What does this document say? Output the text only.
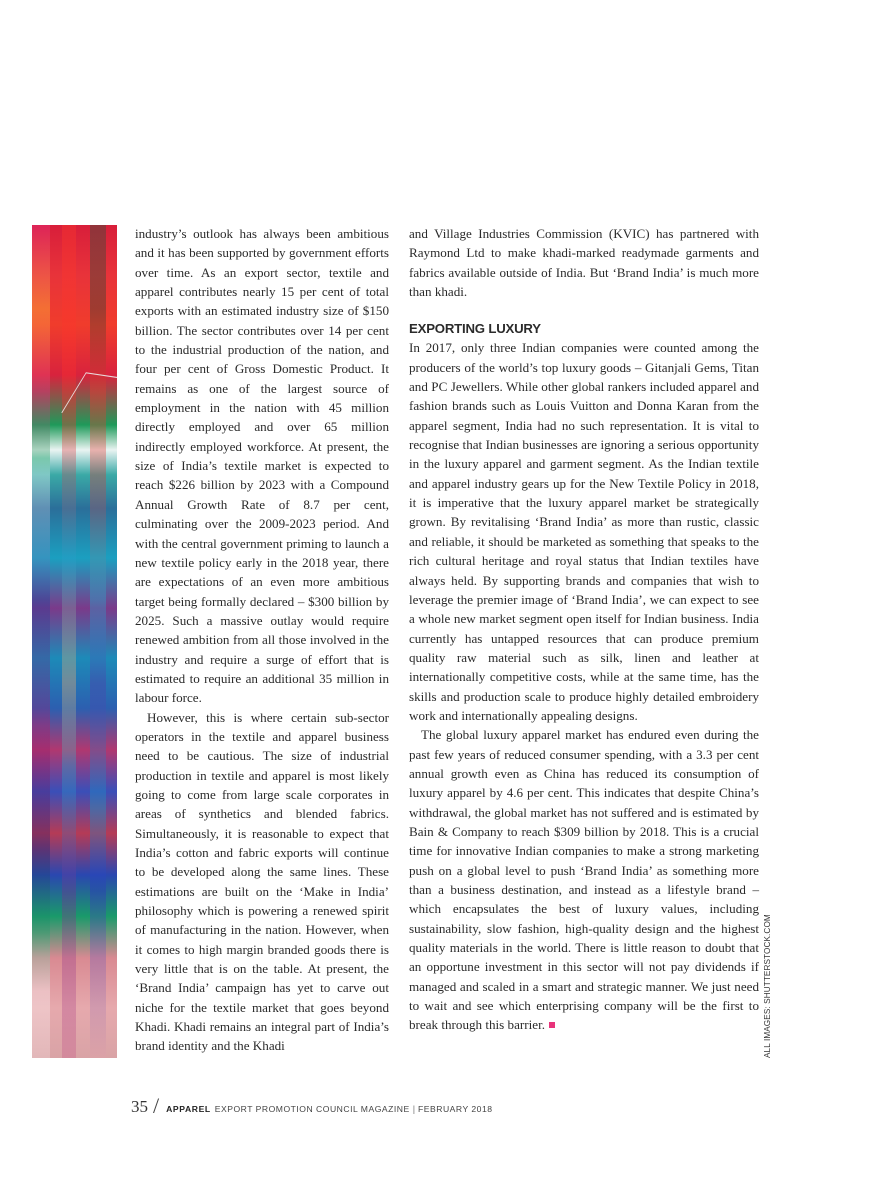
industry’s outlook has always been ambitious and it has been supported by government efforts over time. As an export sector, textile and apparel contributes nearly 15 per cent of total exports with an estimated industry size of $150 billion. The sector contributes over 14 per cent to the industrial production of the nation, and four per cent of Gross Domestic Product. It remains as one of the largest source of employment in the nation with 45 million directly employed and over 65 million indirectly employed workforce. At present, the size of India’s textile market is expected to reach $226 billion by 2023 with a Compound Annual Growth Rate of 8.7 per cent, culminating over the 2009-2023 period. And with the central government priming to launch a new textile policy early in the 2018 year, there are expectations of an even more ambitious target being formally declared – $300 billion by 2025. Such a massive outlay would require renewed ambition from all those involved in the industry and require a surge of effort that is estimated to require an additional 35 million in labour force.

However, this is where certain sub-sector operators in the textile and apparel business need to be cautious. The size of industrial production in textile and apparel is most likely going to come from large scale corporates in areas of synthetics and blended fabrics. Simultaneously, it is reasonable to expect that India’s cotton and fabric exports will continue to be developed along the same lines. These estimations are built on the ‘Make in India’ philosophy which is powering a renewed spirit of manufacturing in the nation. However, when it comes to high margin branded goods there is very little that is on the table. At present, the ‘Brand India’ campaign has yet to carve out niche for the textile market that goes beyond Khadi. Khadi remains an integral part of India’s brand identity and the Khadi

and Village Industries Commission (KVIC) has partnered with Raymond Ltd to make khadi-marked readymade garments and fabrics available outside of India. But ‘Brand India’ is much more than khadi.

EXPORTING LUXURY

In 2017, only three Indian companies were counted among the producers of the world’s top luxury goods – Gitanjali Gems, Titan and PC Jewellers. While other global rankers included apparel and fashion brands such as Louis Vuitton and Donna Karan from the apparel segment, India had no such representation. It is vital to recognise that Indian businesses are ignoring a serious opportunity in the luxury apparel and garment segment. As the Indian textile and apparel industry gears up for the New Textile Policy in 2018, it is imperative that the luxury apparel market be strategically grown. By revitalising ‘Brand India’ as more than rustic, classic and reliable, it should be marketed as something that speaks to the rich cultural heritage and royal status that Indian textiles have always held. By supporting brands and companies that wish to leverage the premier image of ‘Brand India’, we can expect to see a whole new market segment open itself for Indian business. India currently has untapped resources that can produce premium quality raw material such as silk, linen and leather at internationally competitive costs, while at the same time, has the skills and production scale to produce highly detailed embroidery work and internationally appealing designs.

The global luxury apparel market has endured even during the past few years of reduced consumer spending, with a 3.3 per cent annual growth even as China has reduced its consumption of luxury apparel by 4.6 per cent. This indicates that despite China’s withdrawal, the global market has not suffered and is estimated by Bain & Company to reach $309 billion by 2018. This is a crucial time for innovative Indian companies to make a strong marketing push on a global level to push ‘Brand India’ as something more than a business destination, and instead as a lifestyle brand – which encapsulates the best of luxury values, including sustainability, slow fashion, high-quality design and the highest quality materials in the world. There is little reason to doubt that an opportune investment in this sector will not pay dividends if managed and scaled in a smart and strategic manner. We just need to wait and see which enterprising company will be the first to break through this barrier.	ALL IMAGES: SHUTTERSTOCK.COM
35 / APPAREL EXPORT PROMOTION COUNCIL MAGAZINE | FEBRUARY 2018
